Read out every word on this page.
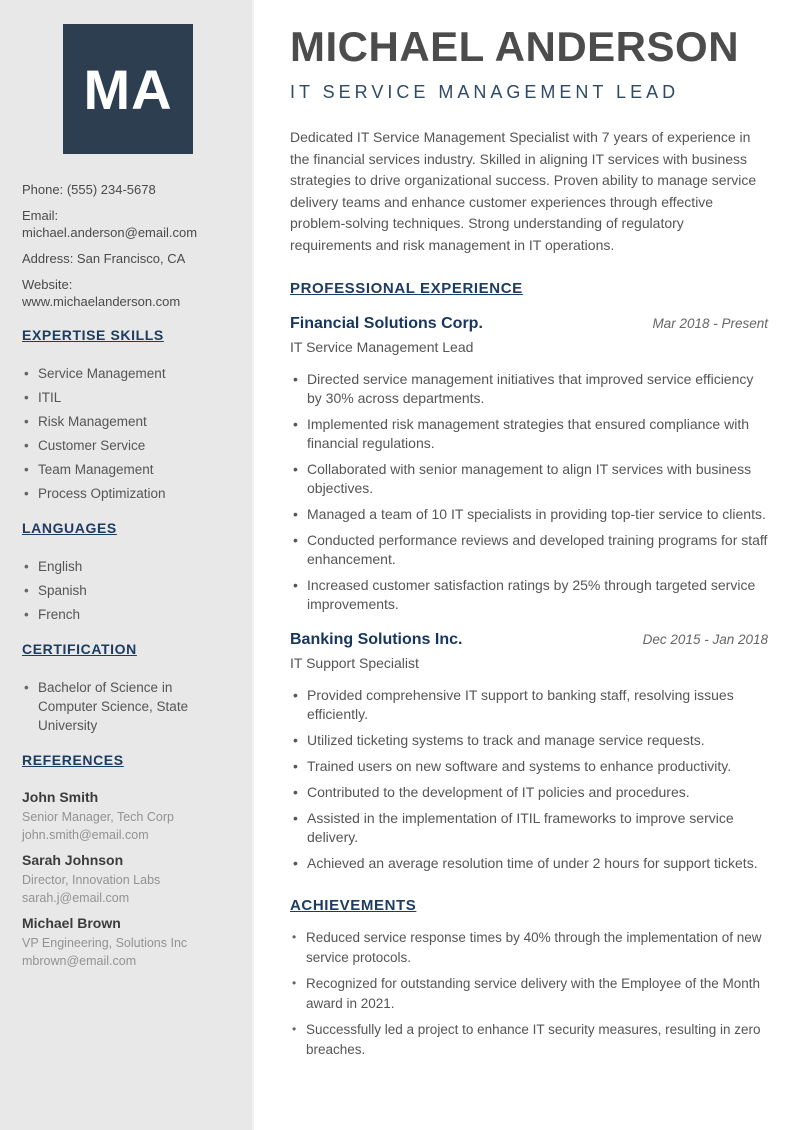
MA
Phone: (555) 234-5678
Email: michael.anderson@email.com
Address: San Francisco, CA
Website: www.michaelanderson.com
EXPERTISE SKILLS
• Service Management
• ITIL
• Risk Management
• Customer Service
• Team Management
• Process Optimization
LANGUAGES
• English
• Spanish
• French
CERTIFICATION
• Bachelor of Science in Computer Science, State University
REFERENCES
John Smith
Senior Manager, Tech Corp
john.smith@email.com
Sarah Johnson
Director, Innovation Labs
sarah.j@email.com
Michael Brown
VP Engineering, Solutions Inc
mbrown@email.com
MICHAEL ANDERSON
IT SERVICE MANAGEMENT LEAD

Dedicated IT Service Management Specialist with 7 years of experience in the financial services industry. Skilled in aligning IT services with business strategies to drive organizational success. Proven ability to manage service delivery teams and enhance customer experiences through effective problem-solving techniques. Strong understanding of regulatory requirements and risk management in IT operations.

PROFESSIONAL EXPERIENCE
Financial Solutions Corp.	Mar 2018 - Present
IT Service Management Lead
• Directed service management initiatives that improved service efficiency by 30% across departments.
• Implemented risk management strategies that ensured compliance with financial regulations.
• Collaborated with senior management to align IT services with business objectives.
• Managed a team of 10 IT specialists in providing top-tier service to clients.
• Conducted performance reviews and developed training programs for staff enhancement.
• Increased customer satisfaction ratings by 25% through targeted service improvements.
Banking Solutions Inc.	Dec 2015 - Jan 2018
IT Support Specialist
• Provided comprehensive IT support to banking staff, resolving issues efficiently.
• Utilized ticketing systems to track and manage service requests.
• Trained users on new software and systems to enhance productivity.
• Contributed to the development of IT policies and procedures.
• Assisted in the implementation of ITIL frameworks to improve service delivery.
• Achieved an average resolution time of under 2 hours for support tickets.
ACHIEVEMENTS
• Reduced service response times by 40% through the implementation of new service protocols.
• Recognized for outstanding service delivery with the Employee of the Month award in 2021.
• Successfully led a project to enhance IT security measures, resulting in zero breaches.
